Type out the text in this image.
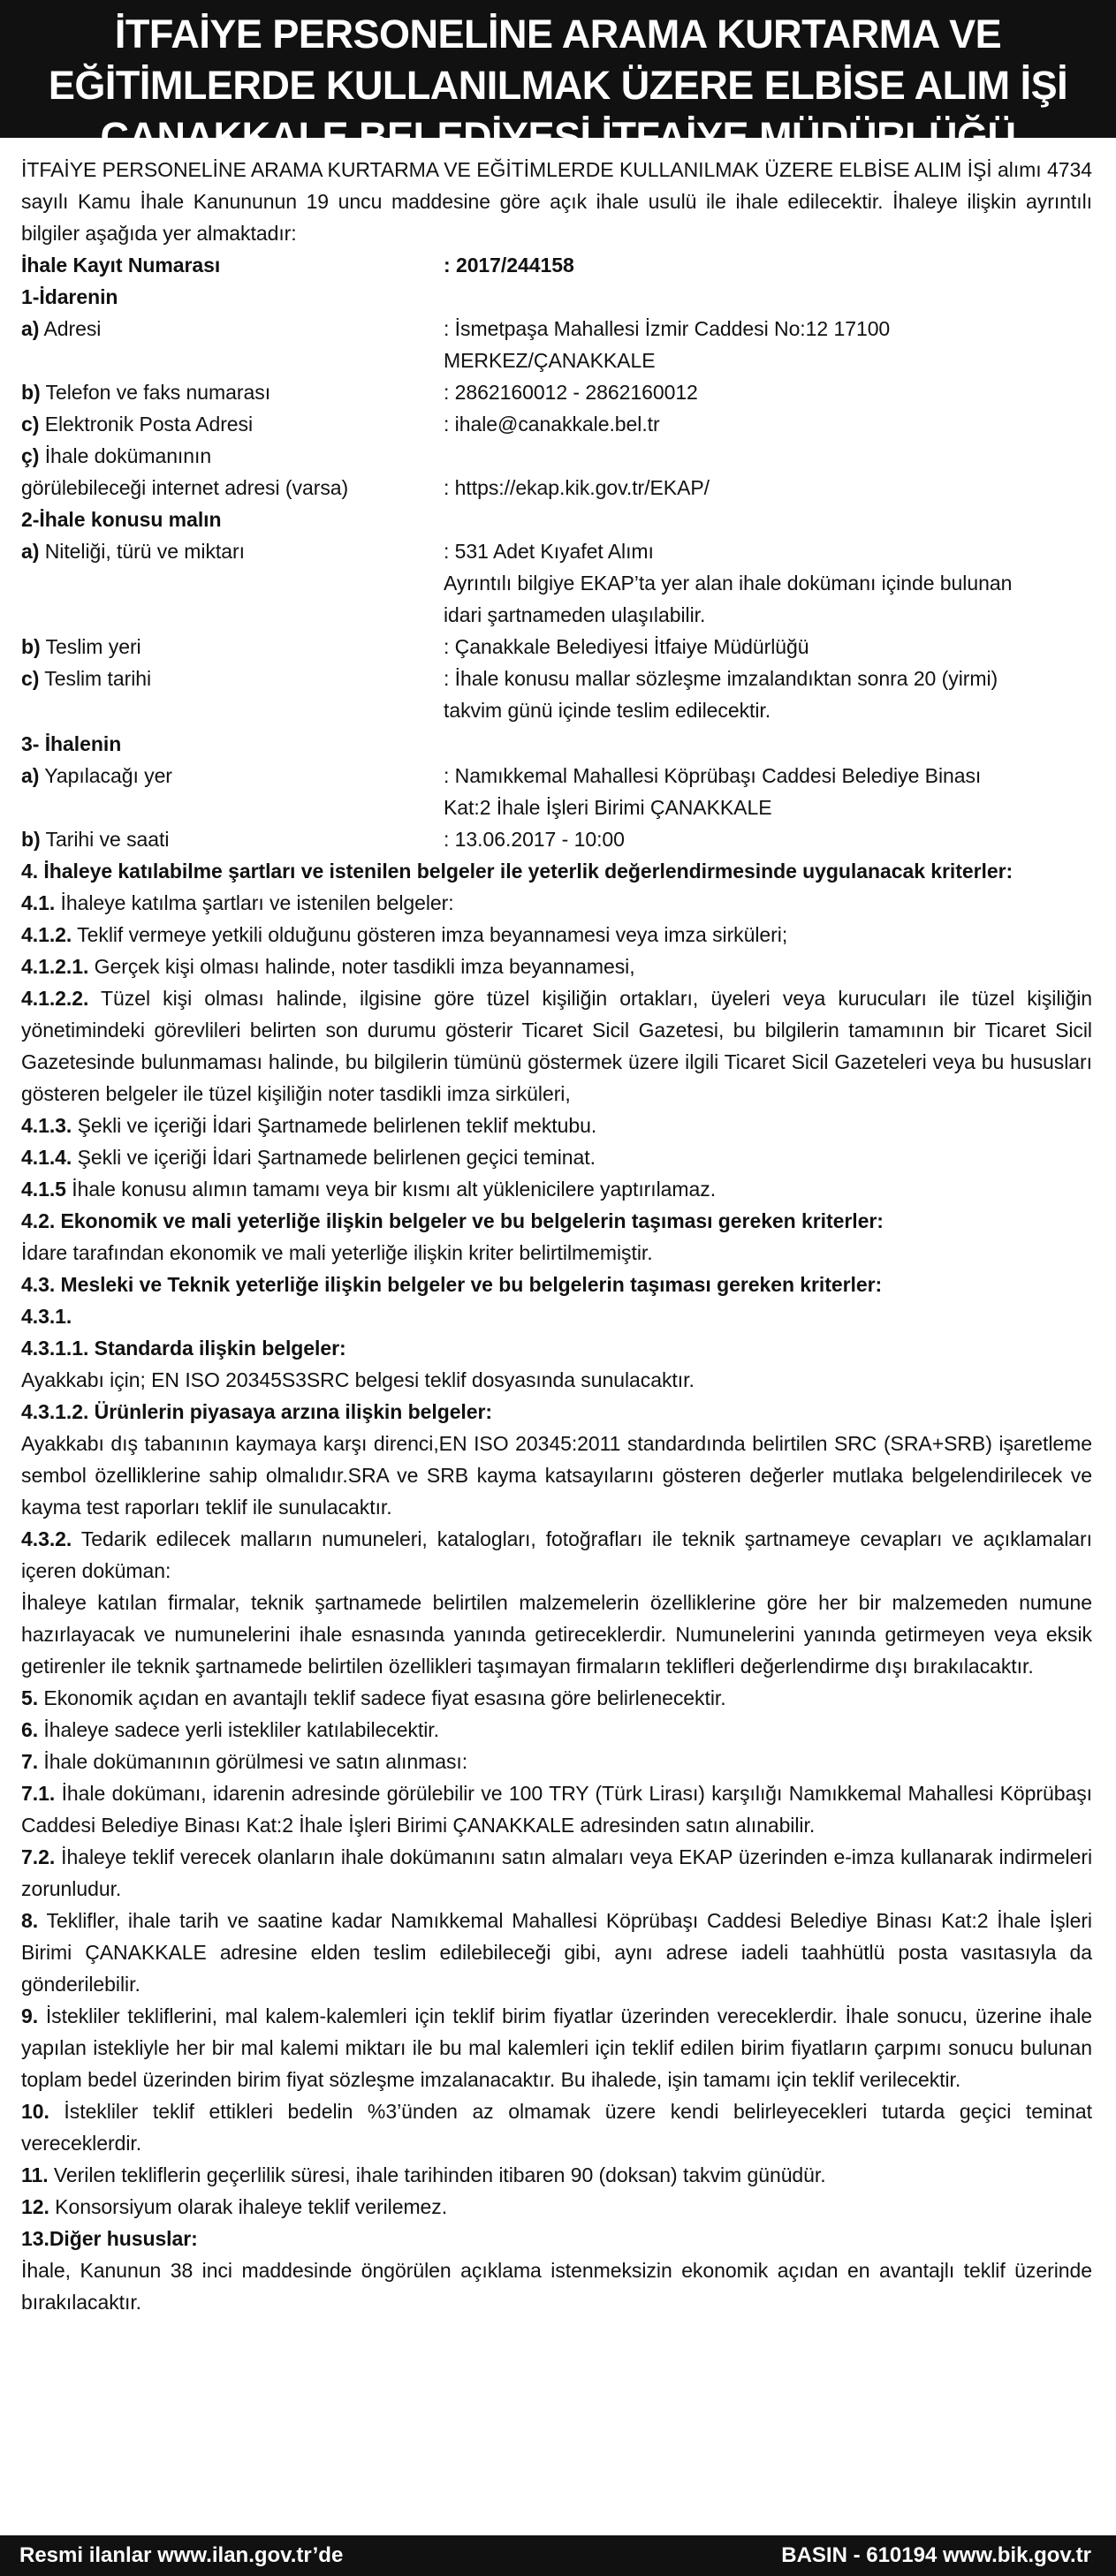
İTFAİYE PERSONELİNE ARAMA KURTARMA VE
EĞİTİMLERDE KULLANILMAK ÜZERE ELBİSE ALIM İŞİ
ÇANAKKALE BELEDİYESİ İTFAİYE MÜDÜRLÜĞÜ

İTFAİYE PERSONELİNE ARAMA KURTARMA VE EĞİTİMLERDE KULLANILMAK ÜZERE ELBİSE ALIM İŞİ alımı 4734 sayılı Kamu İhale Kanununun 19 uncu maddesine göre açık ihale usulü ile ihale edilecektir. İhaleye ilişkin ayrıntılı bilgiler aşağıda yer almaktadır:

İhale Kayıt Numarası	: 2017/244158
1-İdarenin
a) Adresi	: İsmetpaşa Mahallesi İzmir Caddesi No:12 17100
MERKEZ/ÇANAKKALE
b) Telefon ve faks numarası	: 2862160012 - 2862160012
c) Elektronik Posta Adresi	: ihale@canakkale.bel.tr
ç) İhale dokümanının
görülebileceği internet adresi (varsa)	: https://ekap.kik.gov.tr/EKAP/
2-İhale konusu malın
a) Niteliği, türü ve miktarı	: 531 Adet Kıyafet Alımı
Ayrıntılı bilgiye EKAP’ta yer alan ihale dokümanı içinde bulunan
idari şartnameden ulaşılabilir.
b) Teslim yeri	: Çanakkale Belediyesi İtfaiye Müdürlüğü
c) Teslim tarihi	: İhale konusu mallar sözleşme imzalandıktan sonra 20 (yirmi)
takvim günü içinde teslim edilecektir.
3- İhalenin
a) Yapılacağı yer	: Namıkkemal Mahallesi Köprübaşı Caddesi Belediye Binası
Kat:2 İhale İşleri Birimi ÇANAKKALE
b) Tarihi ve saati	: 13.06.2017 - 10:00

4. İhaleye katılabilme şartları ve istenilen belgeler ile yeterlik değerlendirmesinde uygulanacak kriterler:

4.1. İhaleye katılma şartları ve istenilen belgeler:

4.1.2. Teklif vermeye yetkili olduğunu gösteren imza beyannamesi veya imza sirküleri;

4.1.2.1. Gerçek kişi olması halinde, noter tasdikli imza beyannamesi,

4.1.2.2. Tüzel kişi olması halinde, ilgisine göre tüzel kişiliğin ortakları, üyeleri veya kurucuları ile tüzel kişiliğin yönetimindeki görevlileri belirten son durumu gösterir Ticaret Sicil Gazetesi, bu bilgilerin tamamının bir Ticaret Sicil Gazetesinde bulunmaması halinde, bu bilgilerin tümünü göstermek üzere ilgili Ticaret Sicil Gazeteleri veya bu hususları gösteren belgeler ile tüzel kişiliğin noter tasdikli imza sirküleri,

4.1.3. Şekli ve içeriği İdari Şartnamede belirlenen teklif mektubu.

4.1.4. Şekli ve içeriği İdari Şartnamede belirlenen geçici teminat.

4.1.5 İhale konusu alımın tamamı veya bir kısmı alt yüklenicilere yaptırılamaz.

4.2. Ekonomik ve mali yeterliğe ilişkin belgeler ve bu belgelerin taşıması gereken kriterler:

İdare tarafından ekonomik ve mali yeterliğe ilişkin kriter belirtilmemiştir.

4.3. Mesleki ve Teknik yeterliğe ilişkin belgeler ve bu belgelerin taşıması gereken kriterler:

4.3.1.

4.3.1.1. Standarda ilişkin belgeler:

Ayakkabı için; EN ISO 20345S3SRC belgesi teklif dosyasında sunulacaktır.

4.3.1.2. Ürünlerin piyasaya arzına ilişkin belgeler:

Ayakkabı dış tabanının kaymaya karşı direnci,EN ISO 20345:2011 standardında belirtilen SRC (SRA+SRB) işaretleme sembol özelliklerine sahip olmalıdır.SRA ve SRB kayma katsayılarını gösteren değerler mutlaka belgelendirilecek ve kayma test raporları teklif ile sunulacaktır.

4.3.2. Tedarik edilecek malların numuneleri, katalogları, fotoğrafları ile teknik şartnameye cevapları ve açıklamaları içeren doküman:

İhaleye katılan firmalar, teknik şartnamede belirtilen malzemelerin özelliklerine göre her bir malzemeden numune hazırlayacak ve numunelerini ihale esnasında yanında getireceklerdir. Numunelerini yanında getirmeyen veya eksik getirenler ile teknik şartnamede belirtilen özellikleri taşımayan firmaların teklifleri değerlendirme dışı bırakılacaktır.

5. Ekonomik açıdan en avantajlı teklif sadece fiyat esasına göre belirlenecektir.

6. İhaleye sadece yerli istekliler katılabilecektir.

7. İhale dokümanının görülmesi ve satın alınması:

7.1. İhale dokümanı, idarenin adresinde görülebilir ve 100 TRY (Türk Lirası) karşılığı Namıkkemal Mahallesi Köprübaşı Caddesi Belediye Binası Kat:2 İhale İşleri Birimi ÇANAKKALE adresinden satın alınabilir.

7.2. İhaleye teklif verecek olanların ihale dokümanını satın almaları veya EKAP üzerinden e-imza kullanarak indirmeleri zorunludur.

8. Teklifler, ihale tarih ve saatine kadar Namıkkemal Mahallesi Köprübaşı Caddesi Belediye Binası Kat:2 İhale İşleri Birimi ÇANAKKALE adresine elden teslim edilebileceği gibi, aynı adrese iadeli taahhütlü posta vasıtasıyla da gönderilebilir.

9. İstekliler tekliflerini, mal kalem-kalemleri için teklif birim fiyatlar üzerinden vereceklerdir. İhale sonucu, üzerine ihale yapılan istekliyle her bir mal kalemi miktarı ile bu mal kalemleri için teklif edilen birim fiyatların çarpımı sonucu bulunan toplam bedel üzerinden birim fiyat sözleşme imzalanacaktır. Bu ihalede, işin tamamı için teklif verilecektir.

10. İstekliler teklif ettikleri bedelin %3’ünden az olmamak üzere kendi belirleyecekleri tutarda geçici teminat vereceklerdir.

11. Verilen tekliflerin geçerlilik süresi, ihale tarihinden itibaren 90 (doksan) takvim günüdür.

12. Konsorsiyum olarak ihaleye teklif verilemez.

13.Diğer hususlar:

İhale, Kanunun 38 inci maddesinde öngörülen açıklama istenmeksizin ekonomik açıdan en avantajlı teklif üzerinde bırakılacaktır.

Resmi ilanlar www.ilan.gov.tr’de	BASIN - 610194 www.bik.gov.tr
